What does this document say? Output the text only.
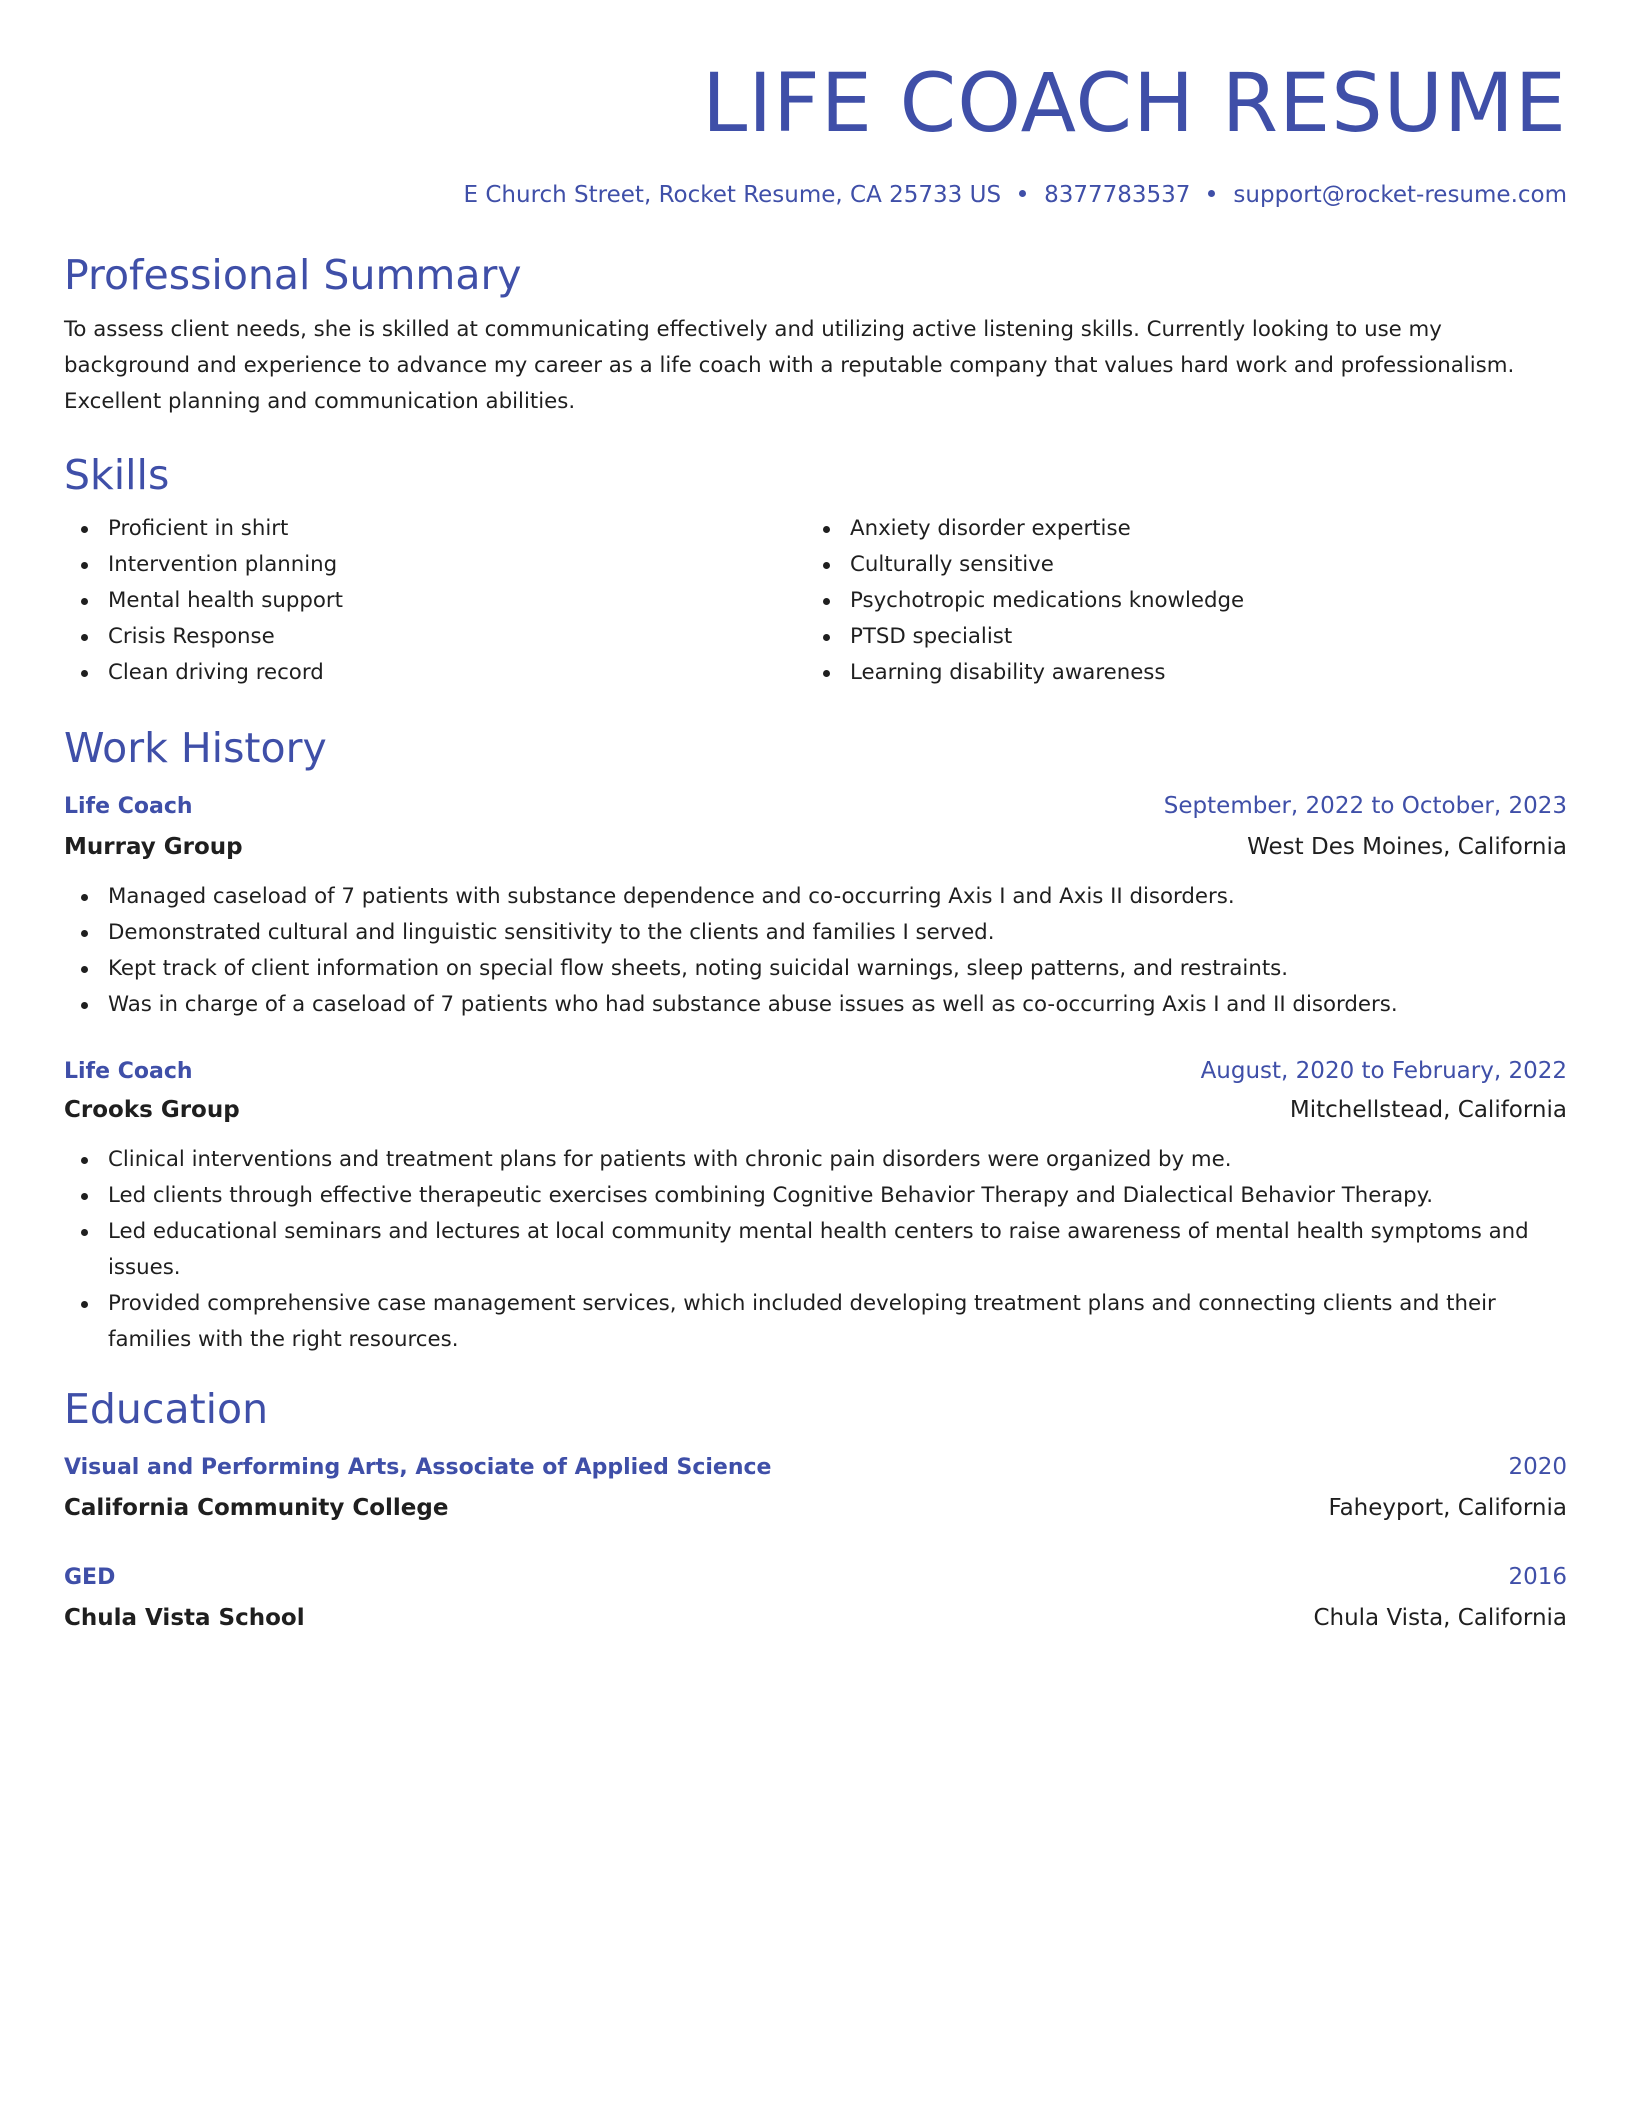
LIFE COACH RESUME
E Church Street, Rocket Resume, CA 25733 US 8377783537 support@rocket-resume.com
Professional Summary

To assess client needs, she is skilled at communicating effectively and utilizing active listening skills. Currently looking to use my background and experience to advance my career as a life coach with a reputable company that values hard work and professionalism. Excellent planning and communication abilities.

Skills
Proficient in shirt
Intervention planning
Mental health support
Crisis Response
Clean driving record
Anxiety disorder expertise
Culturally sensitive
Psychotropic medications knowledge
PTSD specialist
Learning disability awareness
Work History
Life Coach	September, 2022 to October, 2023
Murray Group	West Des Moines, California
Managed caseload of 7 patients with substance dependence and co-occurring Axis I and Axis II disorders.
Demonstrated cultural and linguistic sensitivity to the clients and families I served.
Kept track of client information on special flow sheets, noting suicidal warnings, sleep patterns, and restraints.
Was in charge of a caseload of 7 patients who had substance abuse issues as well as co-occurring Axis I and II disorders.
Life Coach	August, 2020 to February, 2022
Crooks Group	Mitchellstead, California
Clinical interventions and treatment plans for patients with chronic pain disorders were organized by me.
Led clients through effective therapeutic exercises combining Cognitive Behavior Therapy and Dialectical Behavior Therapy.
Led educational seminars and lectures at local community mental health centers to raise awareness of mental health symptoms and issues.
Provided comprehensive case management services, which included developing treatment plans and connecting clients and their families with the right resources.
Education
Visual and Performing Arts, Associate of Applied Science	2020
California Community College	Faheyport, California
GED	2016
Chula Vista School	Chula Vista, California
